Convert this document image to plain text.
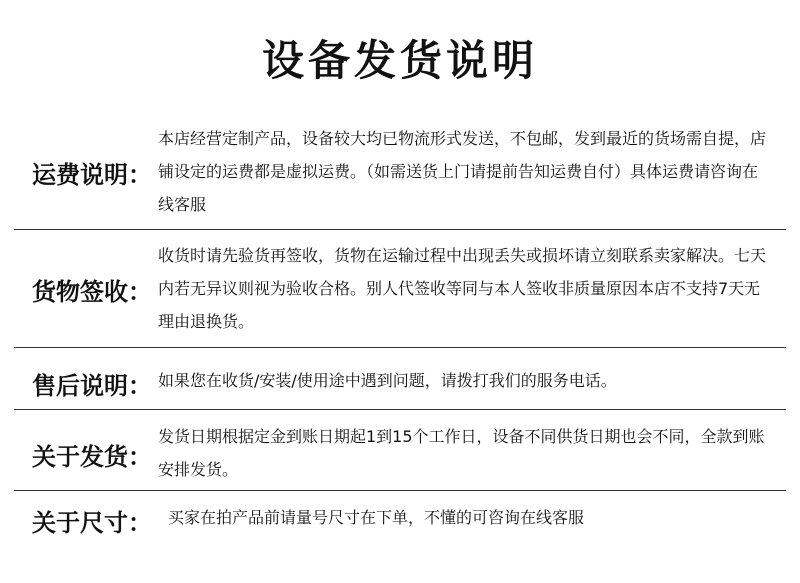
设备发货说明
运费说明：
本店经营定制产品，设备较大均已物流形式发送，不包邮，发到最近的货场需自提，店铺设定的运费都是虚拟运费。（如需送货上门请提前告知运费自付）具体运费请咨询在线客服
货物签收：
收货时请先验货再签收，货物在运输过程中出现丢失或损坏请立刻联系卖家解决。七天内若无异议则视为验收合格。别人代签收等同与本人签收非质量原因本店不支持7天无理由退换货。
售后说明： 如果您在收货/安装/使用途中遇到问题，请拨打我们的服务电话。
关于发货：
发货日期根据定金到账日期起1到15个工作日，设备不同供货日期也会不同，全款到账安排发货。
关于尺寸： 买家在拍产品前请量号尺寸在下单，不懂的可咨询在线客服
